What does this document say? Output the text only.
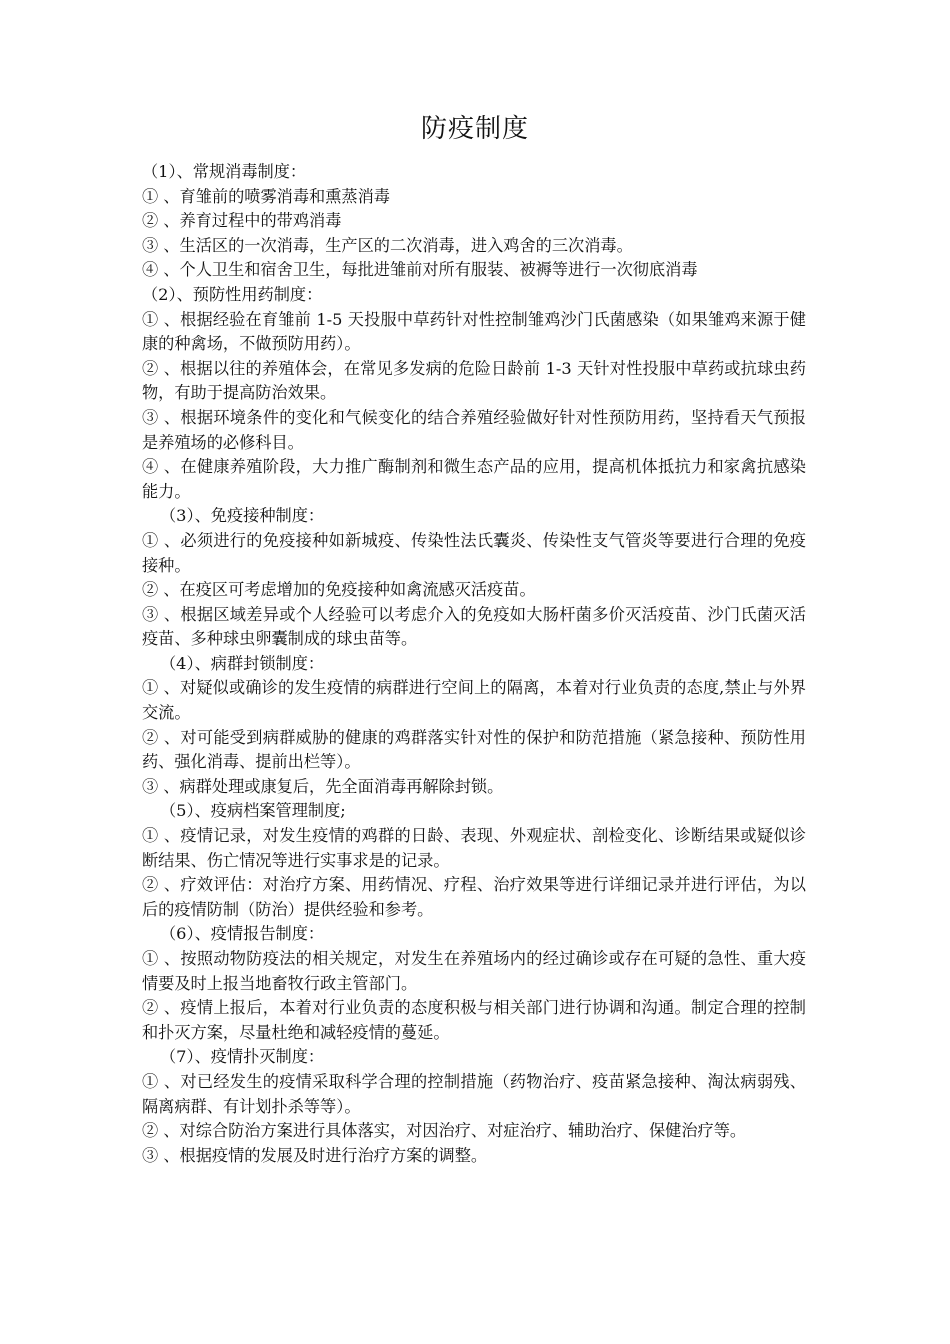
防疫制度

（1）、常规消毒制度：

① 、育雏前的喷雾消毒和熏蒸消毒

② 、养育过程中的带鸡消毒

③ 、生活区的一次消毒，生产区的二次消毒，进入鸡舍的三次消毒。

④ 、个人卫生和宿舍卫生，每批进雏前对所有服装、被褥等进行一次彻底消毒

（2）、预防性用药制度：

① 、根据经验在育雏前 1-5 天投服中草药针对性控制雏鸡沙门氏菌感染（如果雏鸡来源于健康的种禽场，不做预防用药）。

② 、根据以往的养殖体会，在常见多发病的危险日龄前 1-3 天针对性投服中草药或抗球虫药物，有助于提高防治效果。

③ 、根据环境条件的变化和气候变化的结合养殖经验做好针对性预防用药，坚持看天气预报是养殖场的必修科目。

④ 、在健康养殖阶段，大力推广酶制剂和微生态产品的应用，提高机体抵抗力和家禽抗感染能力。

（3）、免疫接种制度：

① 、必须进行的免疫接种如新城疫、传染性法氏囊炎、传染性支气管炎等要进行合理的免疫接种。

② 、在疫区可考虑增加的免疫接种如禽流感灭活疫苗。

③ 、根据区域差异或个人经验可以考虑介入的免疫如大肠杆菌多价灭活疫苗、沙门氏菌灭活疫苗、多种球虫卵囊制成的球虫苗等。

（4）、病群封锁制度：

① 、对疑似或确诊的发生疫情的病群进行空间上的隔离，本着对行业负责的态度,禁止与外界交流。

② 、对可能受到病群威胁的健康的鸡群落实针对性的保护和防范措施（紧急接种、预防性用药、强化消毒、提前出栏等）。

③ 、病群处理或康复后，先全面消毒再解除封锁。

（5）、疫病档案管理制度;

① 、疫情记录，对发生疫情的鸡群的日龄、表现、外观症状、剖检变化、诊断结果或疑似诊断结果、伤亡情况等进行实事求是的记录。

② 、疗效评估：对治疗方案、用药情况、疗程、治疗效果等进行详细记录并进行评估，为以后的疫情防制（防治）提供经验和参考。

（6）、疫情报告制度：

① 、按照动物防疫法的相关规定，对发生在养殖场内的经过确诊或存在可疑的急性、重大疫情要及时上报当地畜牧行政主管部门。

② 、疫情上报后，本着对行业负责的态度积极与相关部门进行协调和沟通。制定合理的控制和扑灭方案，尽量杜绝和减轻疫情的蔓延。

（7）、疫情扑灭制度：

① 、对已经发生的疫情采取科学合理的控制措施（药物治疗、疫苗紧急接种、淘汰病弱残、隔离病群、有计划扑杀等等）。

② 、对综合防治方案进行具体落实，对因治疗、对症治疗、辅助治疗、保健治疗等。

③ 、根据疫情的发展及时进行治疗方案的调整。
